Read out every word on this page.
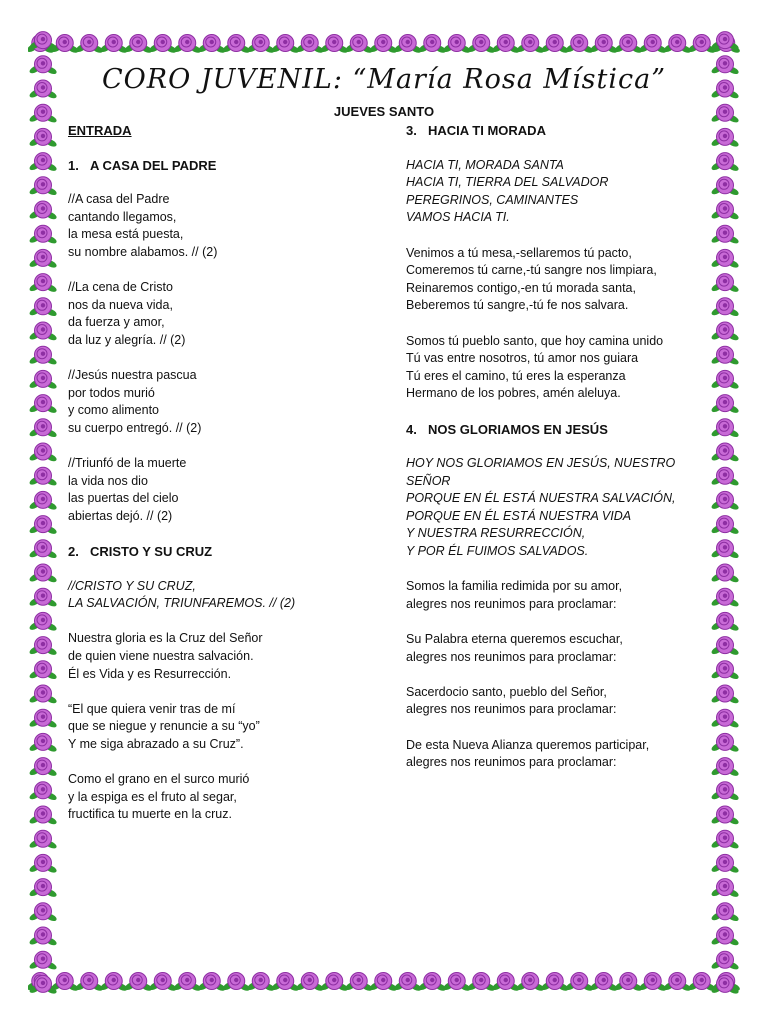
CORO JUVENIL: “María Rosa Mística”
JUEVES SANTO
ENTRADA
1. A CASA DEL PADRE
//A casa del Padre
cantando llegamos,
la mesa está puesta,
su nombre alabamos. // (2)
//La cena de Cristo
nos da nueva vida,
da fuerza y amor,
da luz y alegría. // (2)
//Jesús nuestra pascua
por todos murió
y como alimento
su cuerpo entregó. // (2)
//Triunfó de la muerte
la vida nos dio
las puertas del cielo
abiertas dejó. // (2)
2. CRISTO Y SU CRUZ
//CRISTO Y SU CRUZ,
LA SALVACIÓN, TRIUNFAREMOS. // (2)
Nuestra gloria es la Cruz del Señor
de quien viene nuestra salvación.
Él es Vida y es Resurrección.
“El que quiera venir tras de mí
que se niegue y renuncie a su “yo”
Y me siga abrazado a su Cruz”.
Como el grano en el surco murió
y la espiga es el fruto al segar,
fructifica tu muerte en la cruz.
3. HACIA TI MORADA
HACIA TI, MORADA SANTA
HACIA TI, TIERRA DEL SALVADOR
PEREGRINOS, CAMINANTES
VAMOS HACIA TI.
Venimos a tú mesa,-sellaremos tú pacto,
Comeremos tú carne,-tú sangre nos limpiara,
Reinaremos contigo,-en tú morada santa,
Beberemos tú sangre,-tú fe nos salvara.
Somos tú pueblo santo, que hoy camina unido
Tú vas entre nosotros, tú amor nos guiara
Tú eres el camino, tú eres la esperanza
Hermano de los pobres, amén aleluya.
4. NOS GLORIAMOS EN JESÚS
HOY NOS GLORIAMOS EN JESÚS, NUESTRO
SEÑOR
PORQUE EN ÉL ESTÁ NUESTRA SALVACIÓN,
PORQUE EN ÉL ESTÁ NUESTRA VIDA
Y NUESTRA RESURRECCIÓN,
Y POR ÉL FUIMOS SALVADOS.
Somos la familia redimida por su amor,
alegres nos reunimos para proclamar:
Su Palabra eterna queremos escuchar,
alegres nos reunimos para proclamar:
Sacerdocio santo, pueblo del Señor,
alegres nos reunimos para proclamar:
De esta Nueva Alianza queremos participar,
alegres nos reunimos para proclamar:
